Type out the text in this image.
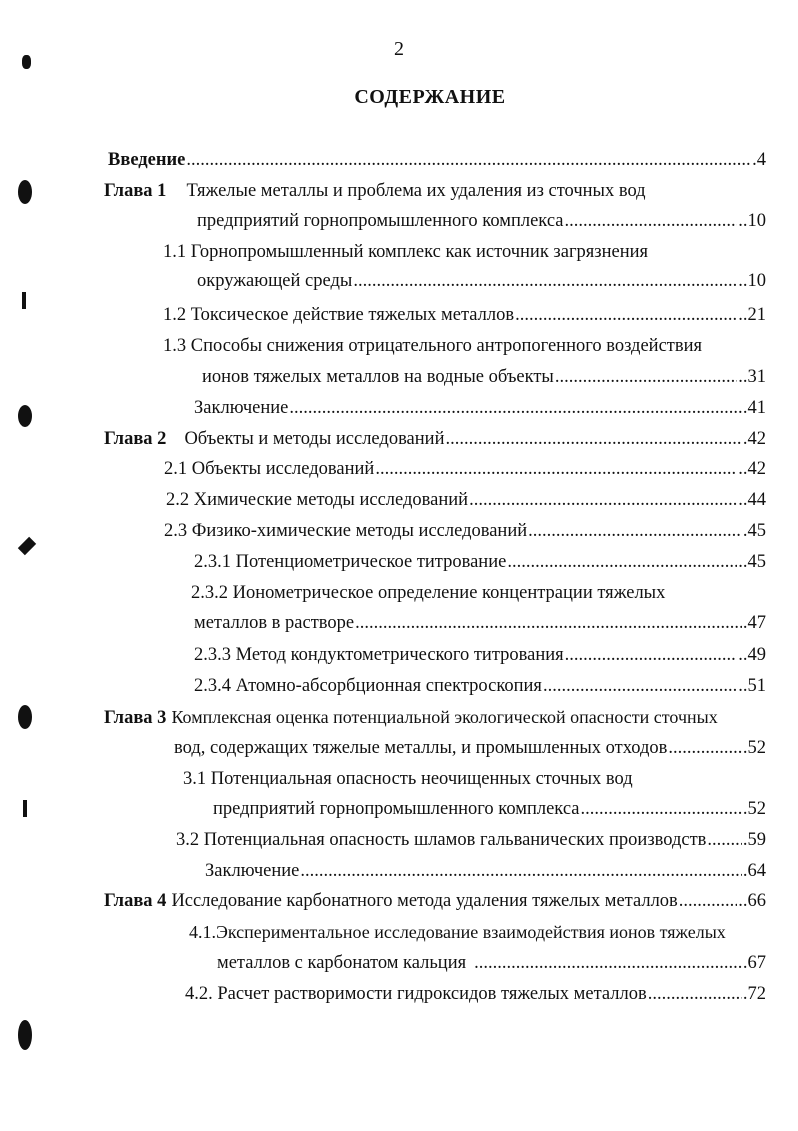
2
СОДЕРЖАНИЕ
Введение .....	.4
Глава 1 Тяжелые металлы и проблема их удаления из сточных вод
предприятий горнопромышленного комплекса .....	..10
1.1 Горнопромышленный комплекс как источник загрязнения
окружающей среды .....	..10
1.2 Токсическое действие тяжелых металлов .....	..21
1.3 Способы снижения отрицательного антропогенного воздействия
ионов тяжелых металлов на водные объекты .....	..31
Заключение .....	.41
Глава 2 Объекты и методы исследований .....	.42
2.1 Объекты исследований .....	..42
2.2 Химические методы исследований .....	..44
2.3 Физико-химические методы исследований .....	.45
2.3.1 Потенциометрическое титрование .....	..45
2.3.2 Ионометрическое определение концентрации тяжелых
металлов в растворе .....	.47
2.3.3 Метод кондуктометрического титрования .....	..49
2.3.4 Атомно-абсорбционная спектроскопия .....	..51
Глава 3 Комплексная оценка потенциальной экологической опасности сточных
вод, содержащих тяжелые металлы, и промышленных отходов .....	.52
3.1 Потенциальная опасность неочищенных сточных вод
предприятий горнопромышленного комплекса .....	.52
3.2 Потенциальная опасность шламов гальванических производств ..... .59
Заключение .....	.64
Глава 4 Исследование карбонатного метода удаления тяжелых металлов .....	..66
4.1.Экспериментальное исследование взаимодействия ионов тяжелых
металлов с карбонатом кальция .....	.67
4.2. Расчет растворимости гидроксидов тяжелых металлов .....	.72
